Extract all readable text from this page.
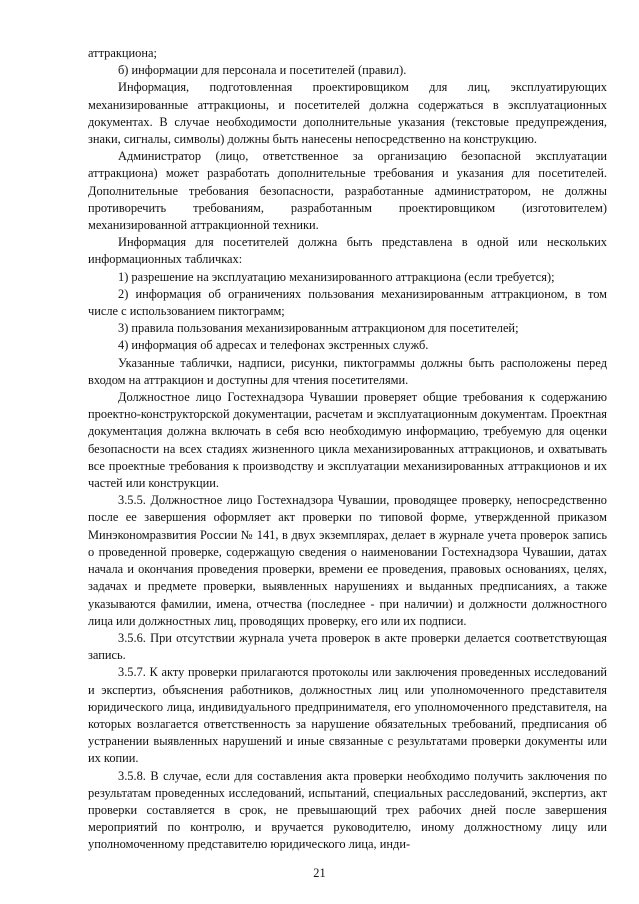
аттракциона;

б) информации для персонала и посетителей (правил).

Информация, подготовленная проектировщиком для лиц, эксплуатирующих механизированные аттракционы, и посетителей должна содержаться в эксплуатационных документах. В случае необходимости дополнительные указания (текстовые предупреждения, знаки, сигналы, символы) должны быть нанесены непосредственно на конструкцию.

Администратор (лицо, ответственное за организацию безопасной эксплуатации аттракциона) может разработать дополнительные требования и указания для посетителей. Дополнительные требования безопасности, разработанные администратором, не должны противоречить требованиям, разработанным проектировщиком (изготовителем) механизированной аттракционной техники.

Информация для посетителей должна быть представлена в одной или нескольких информационных табличках:

1) разрешение на эксплуатацию механизированного аттракциона (если требуется);

2) информация об ограничениях пользования механизированным аттракционом, в том числе с использованием пиктограмм;

3) правила пользования механизированным аттракционом для посетителей;

4) информация об адресах и телефонах экстренных служб.

Указанные таблички, надписи, рисунки, пиктограммы должны быть расположены перед входом на аттракцион и доступны для чтения посетителями.

Должностное лицо Гостехнадзора Чувашии проверяет общие требования к содержанию проектно-конструкторской документации, расчетам и эксплуатационным документам. Проектная документация должна включать в себя всю необходимую информацию, требуемую для оценки безопасности на всех стадиях жизненного цикла механизированных аттракционов, и охватывать все проектные требования к производству и эксплуатации механизированных аттракционов и их частей или конструкции.

3.5.5. Должностное лицо Гостехнадзора Чувашии, проводящее проверку, непосредственно после ее завершения оформляет акт проверки по типовой форме, утвержденной приказом Минэкономразвития России № 141, в двух экземплярах, делает в журнале учета проверок запись о проведенной проверке, содержащую сведения о наименовании Гостехнадзора Чувашии, датах начала и окончания проведения проверки, времени ее проведения, правовых основаниях, целях, задачах и предмете проверки, выявленных нарушениях и выданных предписаниях, а также указываются фамилии, имена, отчества (последнее - при наличии) и должности должностного лица или должностных лиц, проводящих проверку, его или их подписи.

3.5.6. При отсутствии журнала учета проверок в акте проверки делается соответствующая запись.

3.5.7. К акту проверки прилагаются протоколы или заключения проведенных исследований и экспертиз, объяснения работников, должностных лиц или уполномоченного представителя юридического лица, индивидуального предпринимателя, его уполномоченного представителя, на которых возлагается ответственность за нарушение обязательных требований, предписания об устранении выявленных нарушений и иные связанные с результатами проверки документы или их копии.

3.5.8. В случае, если для составления акта проверки необходимо получить заключения по результатам проведенных исследований, испытаний, специальных расследований, экспертиз, акт проверки составляется в срок, не превышающий трех рабочих дней после завершения мероприятий по контролю, и вручается руководителю, иному должностному лицу или уполномоченному представителю юридического лица, инди-

21
